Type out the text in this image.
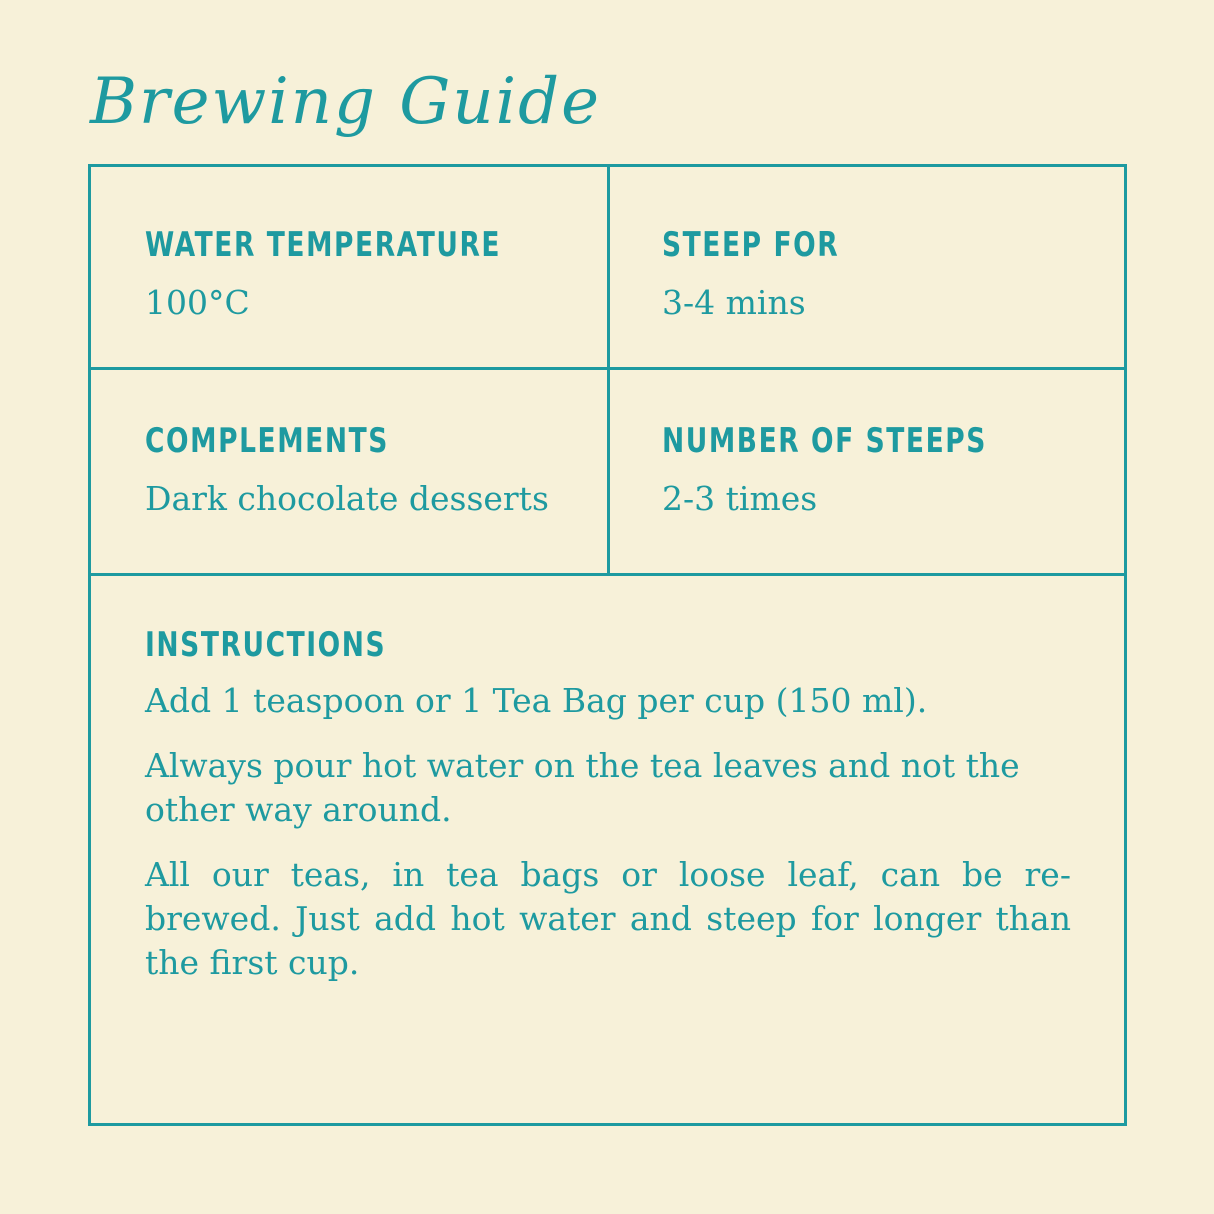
Brewing Guide
WATER TEMPERATURE
100°C
STEEP FOR
3-4 mins
COMPLEMENTS
Dark chocolate desserts
NUMBER OF STEEPS
2-3 times
INSTRUCTIONS

Add 1 teaspoon or 1 Tea Bag per cup (150 ml).

Always pour hot water on the tea leaves and not the other way around.

All our teas, in tea bags or loose leaf, can be re-brewed. Just add hot water and steep for longer than the first cup.
